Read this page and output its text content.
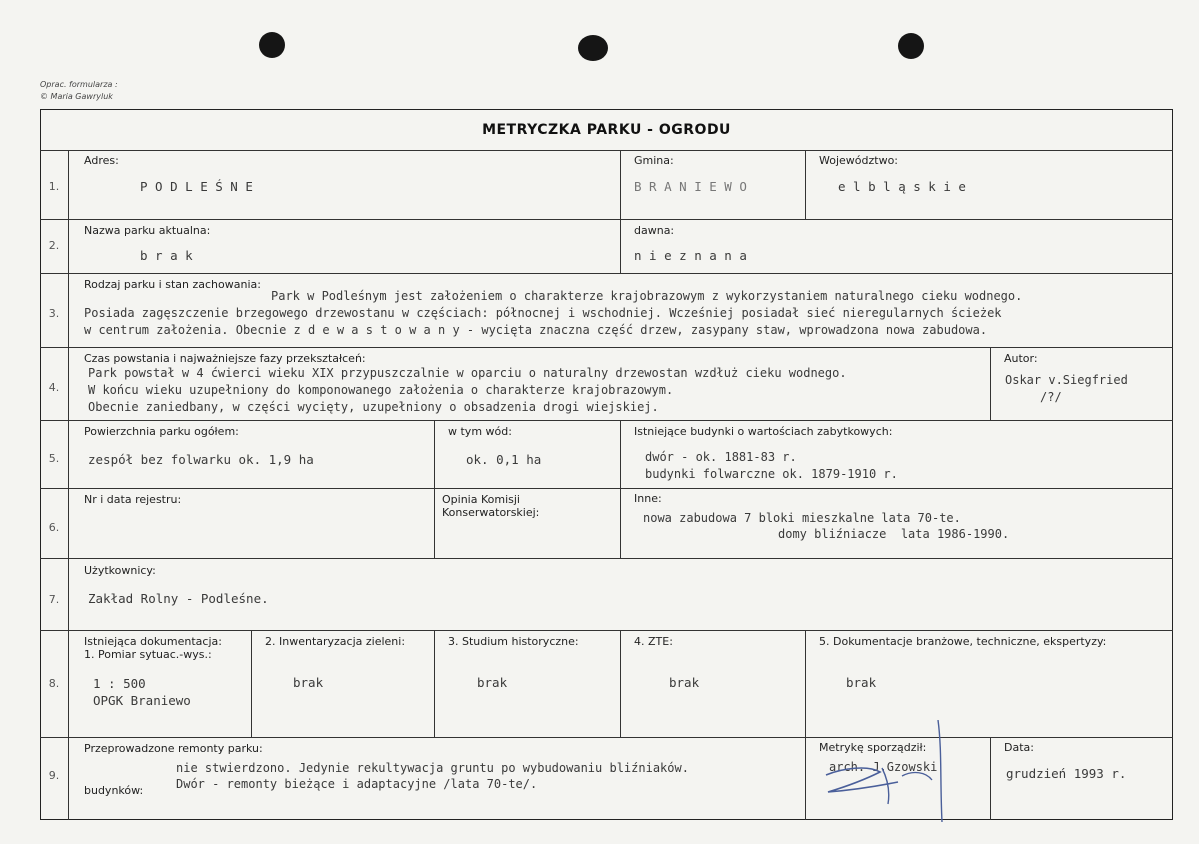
Oprac. formularza :
© Maria Gawryluk
METRYCZKA PARKU - OGRODU
1.
2.
3.
4.
5.
6.
7.
8.
9.
Adres:
P O D L E Ś N E
Gmina:
B R A N I E W O
Województwo:
e l b l ą s k i e
Nazwa parku aktualna:
b r a k
dawna:
n i e z n a n a
Rodzaj parku i stan zachowania:
Park w Podleśnym jest założeniem o charakterze krajobrazowym z wykorzystaniem naturalnego cieku wodnego.
Posiada zagęszczenie brzegowego drzewostanu w częściach: północnej i wschodniej. Wcześniej posiadał sieć nieregularnych ścieżek
w centrum założenia. Obecnie z d e w a s t o w a n y - wycięta znaczna część drzew, zasypany staw, wprowadzona nowa zabudowa.
Czas powstania i najważniejsze fazy przekształceń:
Park powstał w 4 ćwierci wieku XIX przypuszczalnie w oparciu o naturalny drzewostan wzdłuż cieku wodnego.
W końcu wieku uzupełniony do komponowanego założenia o charakterze krajobrazowym.
Obecnie zaniedbany, w części wycięty, uzupełniony o obsadzenia drogi wiejskiej.
Autor:
Oskar v.Siegfried
/?/
Powierzchnia parku ogółem:
zespół bez folwarku ok. 1,9 ha
w tym wód:
ok. 0,1 ha
Istniejące budynki o wartościach zabytkowych:
dwór - ok. 1881-83 r.
budynki folwarczne ok. 1879-1910 r.
Nr i data rejestru:	Opinia Komisji
Konserwatorskiej:
Inne:
nowa zabudowa 7 bloki mieszkalne lata 70-te.
domy bliźniacze  lata 1986-1990.
Użytkownicy:
Zakład Rolny - Podleśne.
Istniejąca dokumentacja:
1. Pomiar sytuac.-wys.:
1 : 500
OPGK Braniewo
2. Inwentaryzacja zieleni:
brak
3. Studium historyczne:
brak
4. ZTE:
brak
5. Dokumentacje branżowe, techniczne, ekspertyzy:
brak
Przeprowadzone remonty parku:
nie stwierdzono. Jedynie rekultywacja gruntu po wybudowaniu bliźniaków.
budynków:	Dwór - remonty bieżące i adaptacyjne /lata 70-te/.
Metrykę sporządził:
arch. J.Gzowski
Data:
grudzień 1993 r.
